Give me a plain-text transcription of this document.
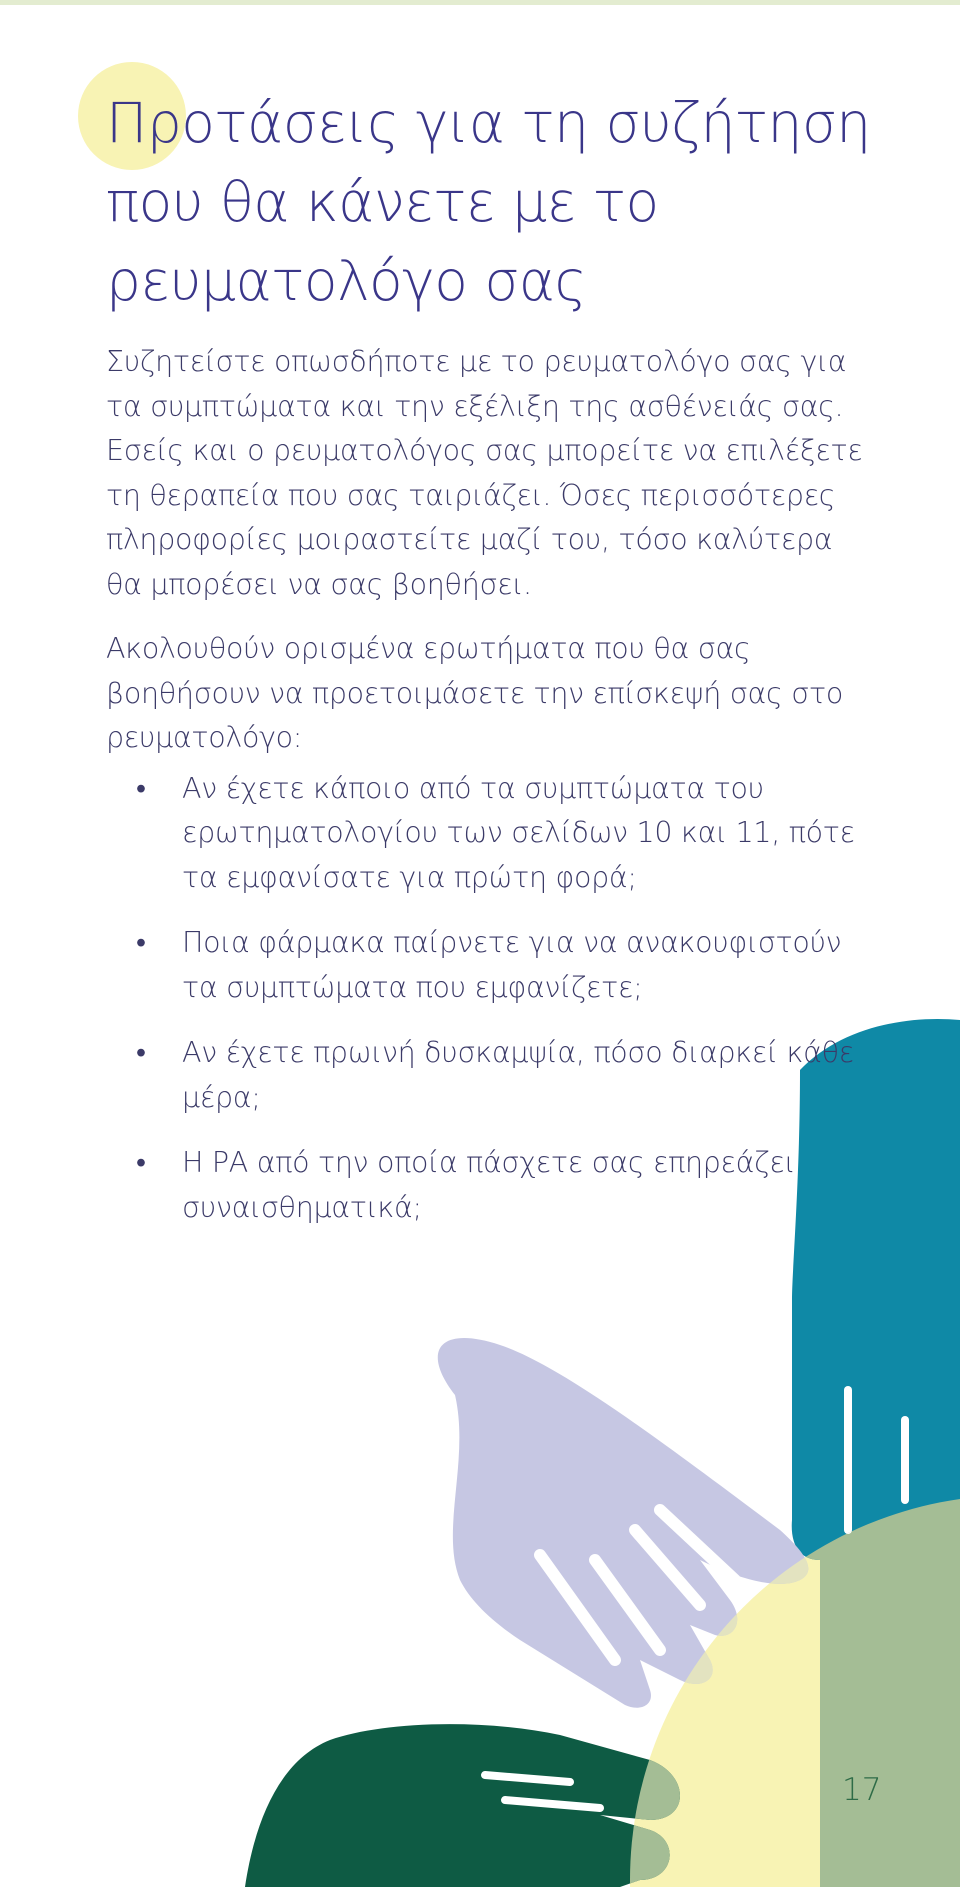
Προτάσεις για τη συζήτηση
που θα κάνετε με το
ρευματολόγο σας

Συζητείστε οπωσδήποτε με το ρευματολόγο σας για
τα συμπτώματα και την εξέλιξη της ασθένειάς σας.
Εσείς και ο ρευματολόγος σας μπορείτε να επιλέξετε
τη θεραπεία που σας ταιριάζει. Όσες περισσότερες
πληροφορίες μοιραστείτε μαζί του, τόσο καλύτερα
θα μπορέσει να σας βοηθήσει.

Ακολουθούν ορισμένα ερωτήματα που θα σας
βοηθήσουν να προετοιμάσετε την επίσκεψή σας στο
ρευματολόγο:

• Αν έχετε κάποιο από τα συμπτώματα του
ερωτηματολογίου των σελίδων 10 και 11, πότε
τα εμφανίσατε για πρώτη φορά;
• Ποια φάρμακα παίρνετε για να ανακουφιστούν
τα συμπτώματα που εμφανίζετε;
• Αν έχετε πρωινή δυσκαμψία, πόσο διαρκεί κάθε
μέρα;
• Η ΡΑ από την οποία πάσχετε σας επηρεάζει
συναισθηματικά;
17
